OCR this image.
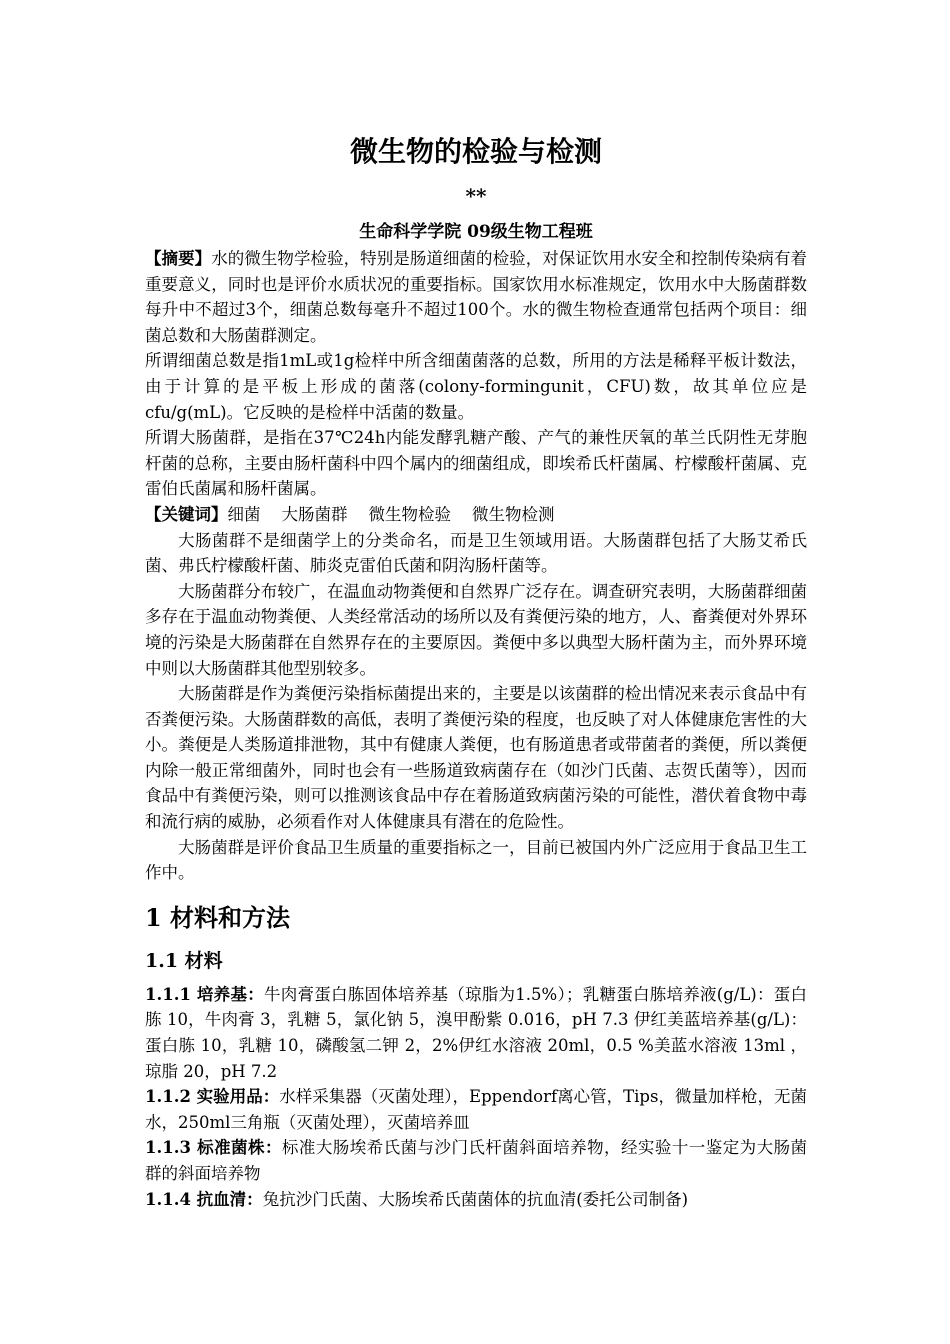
微生物的检验与检测
**
生命科学学院 09级生物工程班

【摘要】水的微生物学检验，特别是肠道细菌的检验，对保证饮用水安全和控制传染病有着重要意义，同时也是评价水质状况的重要指标。国家饮用水标准规定，饮用水中大肠菌群数每升中不超过3个，细菌总数每毫升不超过100个。水的微生物检查通常包括两个项目：细菌总数和大肠菌群测定。

所谓细菌总数是指1mL或1g检样中所含细菌菌落的总数，所用的方法是稀释平板计数法，由于计算的是平板上形成的菌落(colony-formingunit，CFU)数，故其单位应是cfu/g(mL)。它反映的是检样中活菌的数量。

所谓大肠菌群，是指在37℃24h内能发酵乳糖产酸、产气的兼性厌氧的革兰氏阴性无芽胞杆菌的总称，主要由肠杆菌科中四个属内的细菌组成，即埃希氏杆菌属、柠檬酸杆菌属、克雷伯氏菌属和肠杆菌属。

【关键词】细菌    大肠菌群    微生物检验    微生物检测

大肠菌群不是细菌学上的分类命名，而是卫生领域用语。大肠菌群包括了大肠艾希氏菌、弗氏柠檬酸杆菌、肺炎克雷伯氏菌和阴沟肠杆菌等。

大肠菌群分布较广，在温血动物粪便和自然界广泛存在。调查研究表明，大肠菌群细菌多存在于温血动物粪便、人类经常活动的场所以及有粪便污染的地方，人、畜粪便对外界环境的污染是大肠菌群在自然界存在的主要原因。粪便中多以典型大肠杆菌为主，而外界环境中则以大肠菌群其他型别较多。

大肠菌群是作为粪便污染指标菌提出来的，主要是以该菌群的检出情况来表示食品中有否粪便污染。大肠菌群数的高低，表明了粪便污染的程度，也反映了对人体健康危害性的大小。粪便是人类肠道排泄物，其中有健康人粪便，也有肠道患者或带菌者的粪便，所以粪便内除一般正常细菌外，同时也会有一些肠道致病菌存在（如沙门氏菌、志贺氏菌等），因而食品中有粪便污染，则可以推测该食品中存在着肠道致病菌污染的可能性，潜伏着食物中毒和流行病的威胁，必须看作对人体健康具有潜在的危险性。

大肠菌群是评价食品卫生质量的重要指标之一，目前已被国内外广泛应用于食品卫生工作中。

1 材料和方法
1.1 材料

1.1.1 培养基：牛肉膏蛋白胨固体培养基（琼脂为1.5%）；乳糖蛋白胨培养液(g/L)：蛋白胨 10，牛肉膏 3，乳糖 5，氯化钠 5，溴甲酚紫 0.016，pH 7.3 伊红美蓝培养基(g/L)：蛋白胨 10，乳糖 10，磷酸氢二钾 2，2%伊红水溶液 20ml，0.5 %美蓝水溶液 13ml ，琼脂 20，pH 7.2

1.1.2 实验用品：水样采集器（灭菌处理），Eppendorf离心管，Tips，微量加样枪，无菌水，250ml三角瓶（灭菌处理），灭菌培养皿

1.1.3 标准菌株：标准大肠埃希氏菌与沙门氏杆菌斜面培养物，经实验十一鉴定为大肠菌群的斜面培养物

1.1.4 抗血清：兔抗沙门氏菌、大肠埃希氏菌菌体的抗血清(委托公司制备)
